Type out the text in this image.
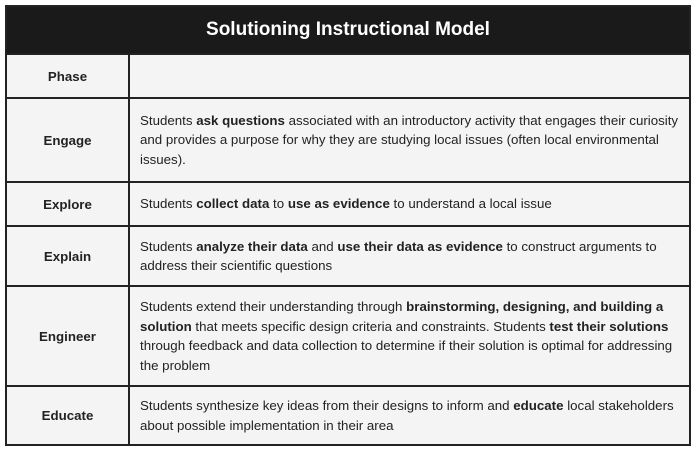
Solutioning Instructional Model
Phase	
Engage	Students ask questions associated with an introductory activity that engages their curiosity and provides a purpose for why they are studying local issues (often local environmental issues).
Explore	Students collect data to use as evidence to understand a local issue
Explain	Students analyze their data and use their data as evidence to construct arguments to address their scientific questions
Engineer	Students extend their understanding through brainstorming, designing, and building a solution that meets specific design criteria and constraints. Students test their solutions through feedback and data collection to determine if their solution is optimal for addressing the problem
Educate	Students synthesize key ideas from their designs to inform and educate local stakeholders about possible implementation in their area
